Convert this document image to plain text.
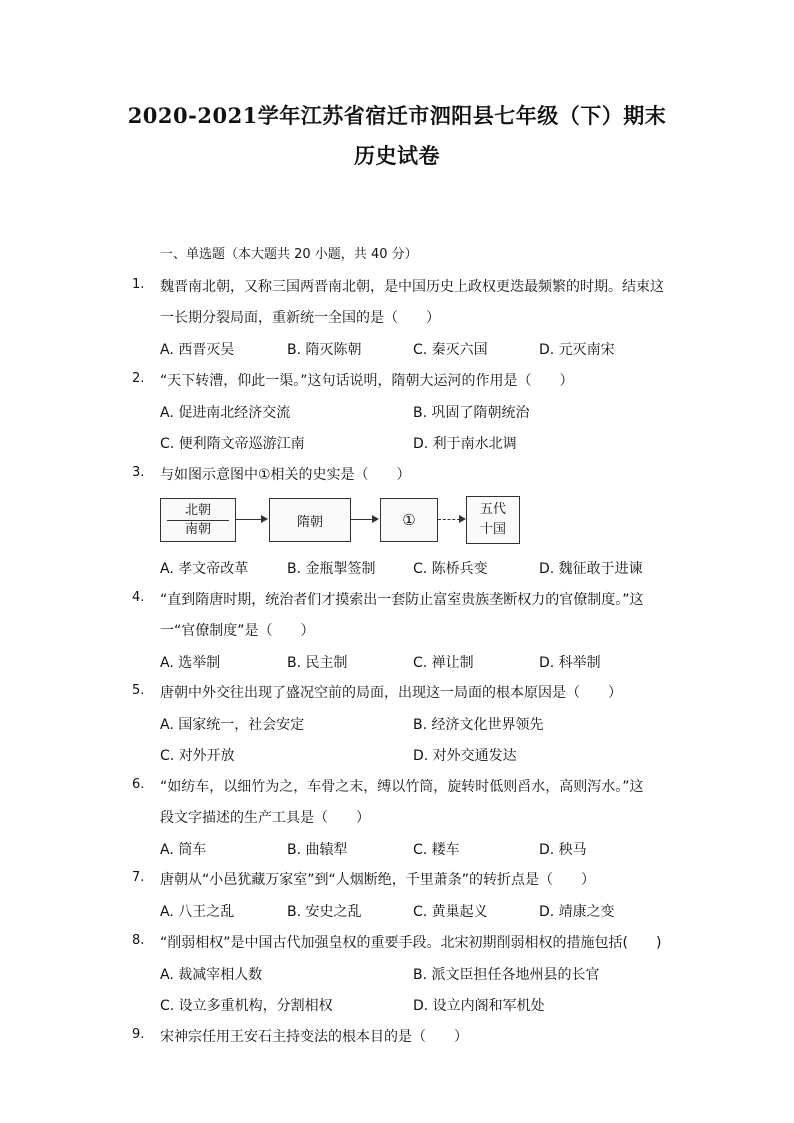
2020-2021学年江苏省宿迁市泗阳县七年级（下）期末
历史试卷
一、单选题（本大题共 20 小题，共 40 分）
1. 魏晋南北朝，又称三国两晋南北朝，是中国历史上政权更迭最频繁的时期。结束这
一长期分裂局面，重新统一全国的是（　　）
A. 西晋灭吴	B. 隋灭陈朝	C. 秦灭六国	D. 元灭南宋
2. “天下转漕，仰此一渠。”这句话说明，隋朝大运河的作用是（　　）
A. 促进南北经济交流	B. 巩固了隋朝统治
C. 便利隋文帝巡游江南	D. 利于南水北调
3. 与如图示意图中①相关的史实是（　　）
北朝
南朝	隋朝	①
五代
十国
A. 孝文帝改革	B. 金瓶掣签制	C. 陈桥兵变	D. 魏征敢于进谏
4. “直到隋唐时期，统治者们才摸索出一套防止富室贵族垄断权力的官僚制度。”这
一“官僚制度”是（　　）
A. 选举制	B. 民主制	C. 禅让制	D. 科举制
5. 唐朝中外交往出现了盛况空前的局面，出现这一局面的根本原因是（　　）
A. 国家统一，社会安定	B. 经济文化世界领先
C. 对外开放	D. 对外交通发达
6. “如纺车，以细竹为之，车骨之末，缚以竹筒，旋转时低则舀水，高则泻水。”这
段文字描述的生产工具是（　　）
A. 筒车	B. 曲辕犁	C. 耧车	D. 秧马
7. 唐朝从“小邑犹藏万家室”到“人烟断绝，千里萧条”的转折点是（　　）
A. 八王之乱	B. 安史之乱	C. 黄巢起义	D. 靖康之变
8. “削弱相权”是中国古代加强皇权的重要手段。北宋初期削弱相权的措施包括(　　)
A. 裁减宰相人数	B. 派文臣担任各地州县的长官
C. 设立多重机构，分割相权	D. 设立内阁和军机处
9. 宋神宗任用王安石主持变法的根本目的是（　　）
